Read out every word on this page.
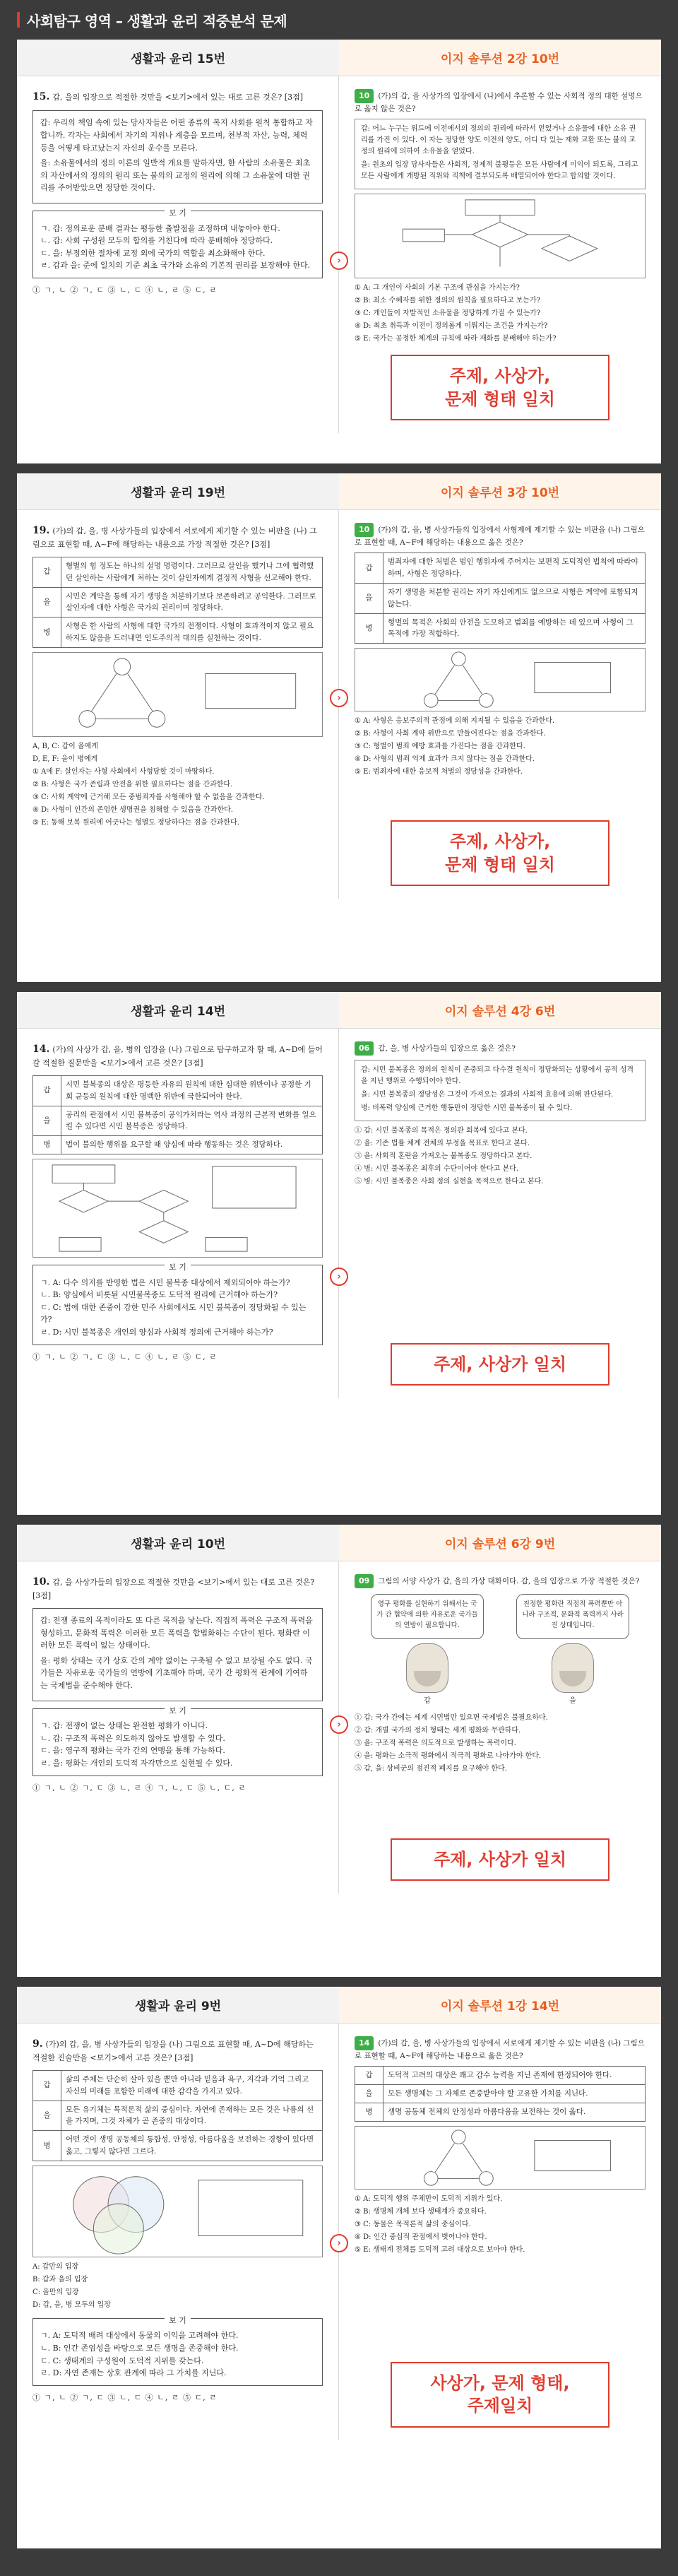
사회탐구 영역 – 생활과 윤리 적중분석 문제
생활과 윤리 15번	이지 솔루션 2강 10번
›
15. 갑, 을의 입장으로 적절한 것만을 <보기>에서 있는 대로 고른 것은? [3점]

갑: 우리의 책임 속에 있는 당사자들은 어떤 종류의 복지 사회를 원칙 통합하고 자 합니까. 각자는 사회에서 자기의 지위나 계층을 모르며, 천부적 자산, 능력, 체력 등을 어떻게 타고났는지 자신의 운수를 모른다.

을: 소유물에서의 정의 이론의 일반적 개요를 말하자면, 한 사람의 소유물은 최초의 자산에서의 정의의 원리 또는 불의의 교정의 원리에 의해 그 소유물에 대한 권리를 주어받았으면 정당한 것이다.

보 기

ㄱ. 갑: 정의로운 분배 결과는 평등한 출발점을 조정하며 내놓아야 한다.

ㄴ. 갑: 사회 구성원 모두의 합의를 거친다에 따라 분배해야 정당하다.

ㄷ. 을: 부정의한 절차에 교정 외에 국가의 역할을 최소화해야 한다.

ㄹ. 갑과 을: 준에 일치의 기준 최초 국가와 소유의 기본적 권리를 보장해야 한다.

① ㄱ, ㄴ ② ㄱ, ㄷ ③ ㄴ, ㄷ ④ ㄴ, ㄹ ⑤ ㄷ, ㄹ
10 (가)의 갑, 을 사상가의 입장에서 (나)에서 추론할 수 있는 사회적 정의 대한 설명으로 옳지 않은 것은?

갑: 어느 누구는 위드에 이전에서의 정의의 원리에 따라서 얻었거나 소유물에 대한 소유 권리를 가진 이 있다. 이 자는 정당한 양도 이전의 양도, 어디 다 있는 재화 교환 또는 불의 교정의 원리에 의하여 소유물을 얻었다.

을: 원초의 입장 당사자들은 사회적, 경제적 불평등은 모든 사람에게 이익이 되도록, 그리고 모든 사람에게 개방된 직위와 직책에 결부되도록 배열되어야 한다고 합의할 것이다.

① A: 그 개인이 사회의 기본 구조에 관심을 가지는가?

② B: 최소 수혜자를 위한 정의의 원칙을 필요하다고 보는가?

③ C: 개인들이 자발적인 소유물을 정당하게 가질 수 있는가?

④ D: 최초 취득과 이전이 정의롭게 이뤄지는 조건을 가지는가?

⑤ E: 국가는 공정한 체계의 규칙에 따라 재화를 분배해야 하는가?

주제, 사상가,
문제 형태 일치
생활과 윤리 19번	이지 솔루션 3강 10번
›
19. (가)의 갑, 을, 병 사상가들의 입장에서 서로에게 제기할 수 있는 비판을 (나) 그림으로 표현할 때, A~F에 해당하는 내용으로 가장 적절한 것은? [3점]
갑	형벌의 힘 정도는 하나의 설명 명령이다. 그러므로 살인을 했거나 그에 협력했던 살인하는 사람에게 처하는 것이 살인자에게 결정적 사형을 선고해야 한다.
을	시민은 계약을 통해 자기 생명을 처분하기보다 보존하려고 공익한다. 그러므로 살인자에 대한 사형은 국가의 권리이며 정당하다.
병	사형은 한 사람의 사형에 대한 국가의 전쟁이다. 사형이 효과적이지 않고 필요하지도 않음을 드러내면 인도주의적 대의를 실천하는 것이다.

A, B, C: 갑이 을에게

D, E, F: 을이 병에게

① A에 F: 살인자는 사형 사회에서 사형당할 것이 마땅하다.

② B: 사형은 국가 존립과 안전을 위한 필요하다는 점을 간과한다.

③ C: 사회 계약에 근거해 모든 중범죄자를 사형해야 할 수 없음을 간과한다.

④ D: 사형이 인간의 존엄한 생명권을 침해할 수 있음을 간과한다.

⑤ E: 동해 보복 원리에 어긋나는 형벌도 정당하다는 점을 간과한다.

10 (가)의 갑, 을, 병 사상가들의 입장에서 사형제에 제기할 수 있는 비판을 (나) 그림으로 표현할 때, A~F에 해당하는 내용으로 옳은 것은?
갑	범죄자에 대한 처벌은 범인 행위자에 주어지는 보편적 도덕적인 법칙에 따라야 하며, 사형은 정당하다.
을	자기 생명을 처분할 권리는 자기 자신에게도 없으므로 사형은 계약에 포함되지 않는다.
병	형벌의 목적은 사회의 안전을 도모하고 범죄를 예방하는 데 있으며 사형이 그 목적에 가장 적합하다.

① A: 사형은 응보주의적 관점에 의해 지지될 수 있음을 간과한다.

② B: 사형이 사회 계약 위반으로 만들어진다는 점을 간과한다.

③ C: 형벌이 범죄 예방 효과를 가진다는 점을 간과한다.

④ D: 사형의 범죄 억제 효과가 크지 않다는 점을 간과한다.

⑤ E: 범죄자에 대한 응보적 처벌의 정당성을 간과한다.

주제, 사상가,
문제 형태 일치
생활과 윤리 14번	이지 솔루션 4강 6번
›
14. (가)의 사상가 갑, 을, 병의 입장을 (나) 그림으로 탐구하고자 할 때, A~D에 들어갈 적절한 질문만을 <보기>에서 고른 것은? [3점]
갑	시민 불복종의 대상은 평등한 자유의 원칙에 대한 심대한 위반이나 공정한 기회 균등의 원칙에 대한 명백한 위반에 국한되어야 한다.
을	공리의 관점에서 시민 불복종이 공익가치라는 역사 과정의 근본적 변화를 일으킬 수 있다면 시민 불복종은 정당하다.
병	법이 불의한 행위를 요구할 때 양심에 따라 행동하는 것은 정당하다.
보 기

ㄱ. A: 다수 의지를 반영한 법은 시민 불복종 대상에서 제외되어야 하는가?

ㄴ. B: 양심에서 비롯된 시민불복종도 도덕적 원리에 근거해야 하는가?

ㄷ. C: 법에 대한 존중이 강한 민주 사회에서도 시민 불복종이 정당화될 수 있는가?

ㄹ. D: 시민 불복종은 개인의 양심과 사회적 정의에 근거해야 하는가?

① ㄱ, ㄴ ② ㄱ, ㄷ ③ ㄴ, ㄷ ④ ㄴ, ㄹ ⑤ ㄷ, ㄹ
06 갑, 을, 병 사상가들의 입장으로 옳은 것은?

갑: 시민 불복종은 정의의 원칙이 존중되고 다수결 원칙이 정당화되는 상황에서 공적 성격을 지닌 행위로 수행되어야 한다.

을: 시민 불복종의 정당성은 그것이 가져오는 결과의 사회적 효용에 의해 판단된다.

병: 비폭력 양심에 근거한 행동만이 정당한 시민 불복종이 될 수 있다.

① 갑: 시민 불복종의 목적은 정의관 회복에 있다고 본다.

② 을: 기존 법률 체계 전체의 부정을 목표로 한다고 본다.

③ 을: 사회적 혼란을 가져오는 불복종도 정당하다고 본다.

④ 병: 시민 불복종은 최후의 수단이어야 한다고 본다.

⑤ 병: 시민 불복종은 사회 정의 실현을 목적으로 한다고 본다.

주제, 사상가 일치
생활과 윤리 10번	이지 솔루션 6강 9번
›
10. 갑, 을 사상가들의 입장으로 적절한 것만을 <보기>에서 있는 대로 고른 것은? [3점]

갑: 전쟁 종료의 목적이라도 또 다른 목적을 낳는다. 직접적 폭력은 구조적 폭력을 형성하고, 문화적 폭력은 이러한 모든 폭력을 합법화하는 수단이 된다. 평화란 이러한 모든 폭력이 없는 상태이다.

을: 평화 상태는 국가 상호 간의 계약 없이는 구축될 수 없고 보장될 수도 없다. 국가들은 자유로운 국가들의 연방에 기초해야 하며, 국가 간 평화적 관계에 기여하는 국제법을 준수해야 한다.

보 기

ㄱ. 갑: 전쟁이 없는 상태는 완전한 평화가 아니다.

ㄴ. 갑: 구조적 폭력은 의도하지 않아도 발생할 수 있다.

ㄷ. 을: 영구적 평화는 국가 간의 연맹을 통해 가능하다.

ㄹ. 을: 평화는 개인의 도덕적 자각만으로 실현될 수 있다.

① ㄱ, ㄴ ② ㄱ, ㄷ ③ ㄴ, ㄹ ④ ㄱ, ㄴ, ㄷ ⑤ ㄴ, ㄷ, ㄹ
09 그림의 서양 사상가 갑, 을의 가상 대화이다. 갑, 을의 입장으로 가장 적절한 것은?
영구 평화를 실현하기 위해서는 국가 간 협약에 의한 자유로운 국가들의 연방이 필요합니다.
갑
진정한 평화란 직접적 폭력뿐만 아니라 구조적, 문화적 폭력까지 사라진 상태입니다.
을

① 갑: 국가 간에는 세계 시민법만 있으면 국제법은 불필요하다.

② 갑: 개별 국가의 정치 형태는 세계 평화와 무관하다.

③ 을: 구조적 폭력은 의도적으로 발생하는 폭력이다.

④ 을: 평화는 소극적 평화에서 적극적 평화로 나아가야 한다.

⑤ 갑, 을: 상비군의 점진적 폐지를 요구해야 한다.

주제, 사상가 일치
생활과 윤리 9번	이지 솔루션 1강 14번
›
9. (가)의 갑, 을, 병 사상가들의 입장을 (나) 그림으로 표현할 때, A~D에 해당하는 적절한 진술만을 <보기>에서 고른 것은? [3점]
갑	삶의 주체는 단순히 살아 있을 뿐만 아니라 믿음과 욕구, 지각과 기억 그리고 자신의 미래를 포함한 미래에 대한 감각을 가지고 있다.
을	모든 유기체는 목적론적 삶의 중심이다. 자연에 존재하는 모든 것은 나름의 선을 가지며, 그것 자체가 곧 존중의 대상이다.
병	어떤 것이 생명 공동체의 통합성, 안정성, 아름다움을 보전하는 경향이 있다면 옳고, 그렇지 않다면 그르다.

A: 갑만의 입장

B: 갑과 을의 입장

C: 을만의 입장

D: 갑, 을, 병 모두의 입장

보 기

ㄱ. A: 도덕적 배려 대상에서 동물의 이익을 고려해야 한다.

ㄴ. B: 인간 존엄성을 바탕으로 모든 생명을 존중해야 한다.

ㄷ. C: 생태계의 구성원이 도덕적 지위를 갖는다.

ㄹ. D: 자연 존재는 상호 관계에 따라 그 가치를 지닌다.

① ㄱ, ㄴ ② ㄱ, ㄷ ③ ㄴ, ㄷ ④ ㄴ, ㄹ ⑤ ㄷ, ㄹ
14 (가)의 갑, 을, 병 사상가들의 입장에서 서로에게 제기할 수 있는 비판을 (나) 그림으로 표현할 때, A~F에 해당하는 내용으로 옳은 것은?
갑	도덕적 고려의 대상은 쾌고 감수 능력을 지닌 존재에 한정되어야 한다.
을	모든 생명체는 그 자체로 존중받아야 할 고유한 가치를 지닌다.
병	생명 공동체 전체의 안정성과 아름다움을 보전하는 것이 옳다.

① A: 도덕적 행위 주체만이 도덕적 지위가 있다.

② B: 생명체 개체 보다 생태계가 중요하다.

③ C: 동물은 목적론적 삶의 중심이다.

④ D: 인간 중심적 관점에서 벗어나야 한다.

⑤ E: 생태계 전체를 도덕적 고려 대상으로 보아야 한다.

사상가, 문제 형태,
주제일치
